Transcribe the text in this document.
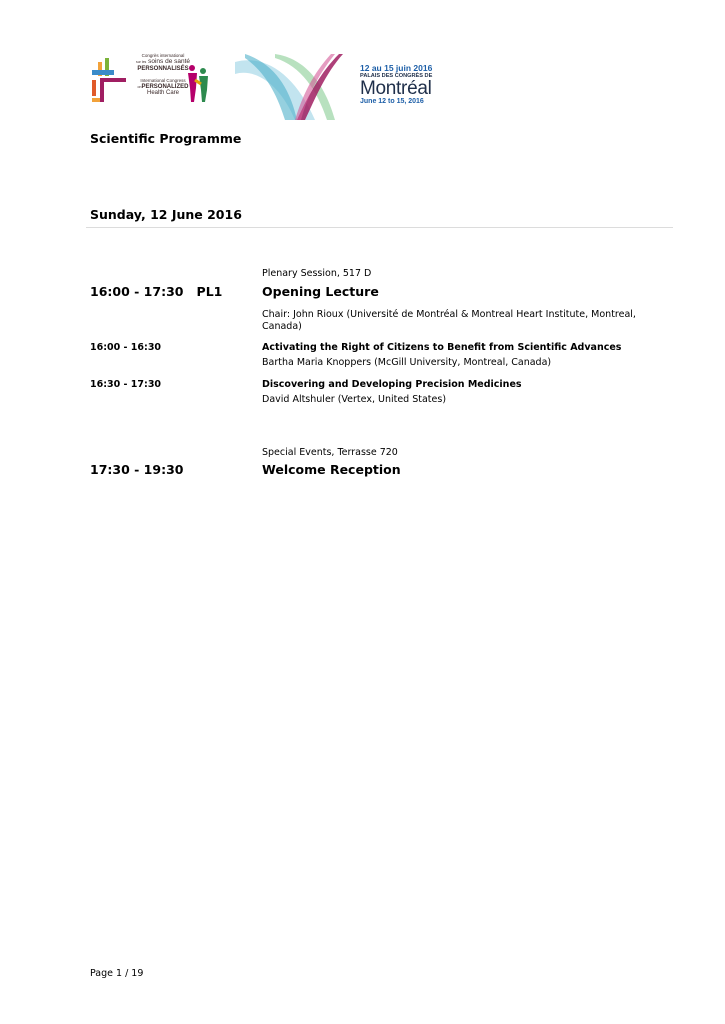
Congrès international
sur les soins de santé
PERSONNALISÉS
International Congress
onPERSONALIZED
Health Care
12 au 15 juin 2016
PALAIS DES CONGRÈS DE
Montréal
June 12 to 15, 2016
Scientific Programme
Sunday, 12 June 2016
Plenary Session, 517 D
16:00 - 17:30 PL1	Opening Lecture
Chair: John Rioux (Université de Montréal & Montreal Heart Institute, Montreal, Canada)
16:00 - 16:30	Activating the Right of Citizens to Benefit from Scientific Advances
Bartha Maria Knoppers (McGill University, Montreal, Canada)
16:30 - 17:30	Discovering and Developing Precision Medicines
David Altshuler (Vertex, United States)
Special Events, Terrasse 720
17:30 - 19:30	Welcome Reception
Page 1 / 19
